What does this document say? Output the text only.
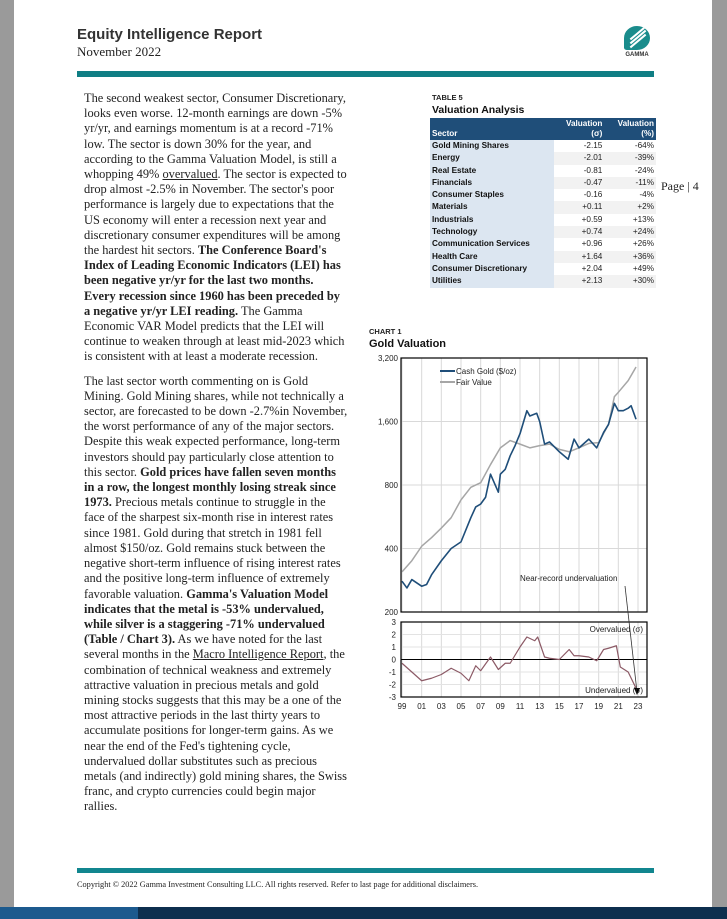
Equity Intelligence Report
November 2022	GAMMA

The second weakest sector, Consumer Discretionary, looks even worse. 12-month earnings are down -5% yr/yr, and earnings momentum is at a record -71% low. The sector is down 30% for the year, and according to the Gamma Valuation Model, is still a whopping 49% overvalued. The sector is expected to drop almost -2.5% in November. The sector's poor performance is largely due to expectations that the US economy will enter a recession next year and discretionary consumer expenditures will be among the hardest hit sectors. The Conference Board's Index of Leading Economic Indicators (LEI) has been negative yr/yr for the last two months. Every recession since 1960 has been preceded by a negative yr/yr LEI reading. The Gamma Economic VAR Model predicts that the LEI will continue to weaken through at least mid-2023 which is consistent with at least a moderate recession.

The last sector worth commenting on is Gold Mining. Gold Mining shares, while not technically a sector, are forecasted to be down -2.7%in November, the worst performance of any of the major sectors. Despite this weak expected performance, long-term investors should pay particularly close attention to this sector. Gold prices have fallen seven months in a row, the longest monthly losing streak since 1973. Precious metals continue to struggle in the face of the sharpest six-month rise in interest rates since 1981. Gold during that stretch in 1981 fell almost $150/oz. Gold remains stuck between the negative short-term influence of rising interest rates and the positive long-term influence of extremely favorable valuation. Gamma's Valuation Model indicates that the metal is -53% undervalued, while silver is a staggering -71% undervalued (Table / Chart 3). As we have noted for the last several months in the Macro Intelligence Report, the combination of technical weakness and extremely attractive valuation in precious metals and gold mining stocks suggests that this may be a one of the most attractive periods in the last thirty years to accumulate positions for longer-term gains. As we near the end of the Fed's tightening cycle, undervalued dollar substitutes such as precious metals (and indirectly) gold mining shares, the Swiss franc, and crypto currencies could begin major rallies.

Page | 4
TABLE 5
Valuation Analysis
Sector	Valuation (σ)	Valuation (%)
Gold Mining Shares	-2.15	-64%
Energy	-2.01	-39%
Real Estate	-0.81	-24%
Financials	-0.47	-11%
Consumer Staples	-0.16	-4%
Materials	+0.11	+2%
Industrials	+0.59	+13%
Technology	+0.74	+24%
Communication Services	+0.96	+26%
Health Care	+1.64	+36%
Consumer Discretionary	+2.04	+49%
Utilities	+2.13	+30%
CHART 1
Gold Valuation
99 01 03 05 07 09 11 13 15 17 19 21 23
3,200
1,600
800
400
200
3
2
1
0
-1
-2
-3
Cash Gold ($/oz)
Fair Value
Near-record undervaluation
Overvalued (σ)
Undervalued (σ)
Copyright © 2022 Gamma Investment Consulting LLC. All rights reserved. Refer to last page for additional disclaimers.
